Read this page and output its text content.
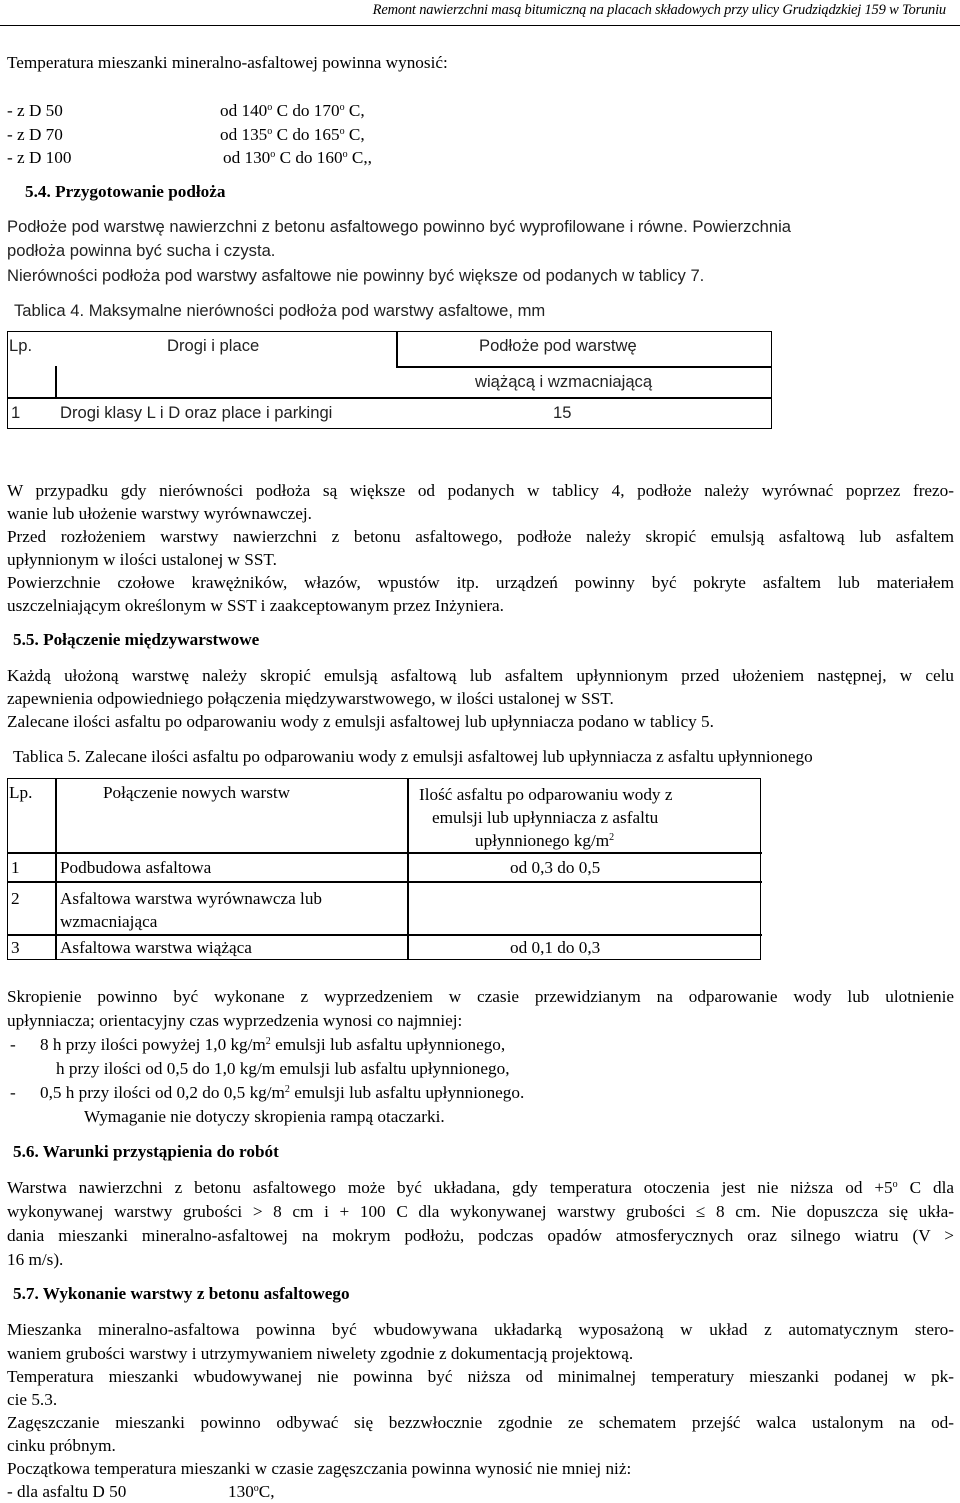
Remont nawierzchni masą bitumiczną na placach składowych przy ulicy Grudziądzkiej 159 w Toruniu
Temperatura mieszanki mineralno-asfaltowej powinna wynosić:
- z D 50	od 140$^o$ C do 170$^o$ C,
- z D 70	od 135$^o$ C do 165$^o$ C,
- z D 100	od 130$^o$ C do 160$^o$ C,,
5.4. Przygotowanie podłoża
Podłoże pod warstwę nawierzchni z betonu asfaltowego powinno być wyprofilowane i równe. Powierzchnia
podłoża powinna być sucha i czysta.
Nierówności podłoża pod warstwy asfaltowe nie powinny być większe od podanych w tablicy 7.
Tablica 4. Maksymalne nierówności podłoża pod warstwy asfaltowe, mm
Lp.	Drogi i place	Podłoże pod warstwę
wiążącą i wzmacniającą
1 Drogi klasy L i D oraz place i parkingi	15
W przypadku gdy nierówności podłoża są większe od podanych w tablicy 4, podłoże należy wyrównać poprzez frezo-
wanie lub ułożenie warstwy wyrównawczej.
Przed rozłożeniem warstwy nawierzchni z betonu asfaltowego, podłoże należy skropić emulsją asfaltową lub asfaltem
upłynnionym w ilości ustalonej w SST.
Powierzchnie czołowe krawężników, włazów, wpustów itp. urządzeń powinny być pokryte asfaltem lub materiałem
uszczelniającym określonym w SST i zaakceptowanym przez Inżyniera.
5.5. Połączenie międzywarstwowe
Każdą ułożoną warstwę należy skropić emulsją asfaltową lub asfaltem upłynnionym przed ułożeniem następnej, w celu
zapewnienia odpowiedniego połączenia międzywarstwowego, w ilości ustalonej w SST.
Zalecane ilości asfaltu po odparowaniu wody z emulsji asfaltowej lub upłynniacza podano w tablicy 5.
Tablica 5. Zalecane ilości asfaltu po odparowaniu wody z emulsji asfaltowej lub upłynniacza z asfaltu upłynnionego
Lp.	Połączenie nowych warstw	Ilość asfaltu po odparowaniu wody z
emulsji lub upłynniacza z asfaltu
upłynnionego $kg/m^2$
1 Podbudowa asfaltowa	od 0,3 do 0,5
2 Asfaltowa warstwa wyrównawcza lub
wzmacniająca
3 Asfaltowa warstwa wiążąca	od 0,1 do 0,3
Skropienie powinno być wykonane z wyprzedzeniem w czasie przewidzianym na odparowanie wody lub ulotnienie
upłynniacza; orientacyjny czas wyprzedzenia wynosi co najmniej:
- 8 h przy ilości powyżej 1,0 $kg/m^2$ emulsji lub asfaltu upłynnionego,
h przy ilości od 0,5 do 1,0 kg/m emulsji lub asfaltu upłynnionego,
- 0,5 h przy ilości od 0,2 do 0,5 $kg/m^2$ emulsji lub asfaltu upłynnionego.
Wymaganie nie dotyczy skropienia rampą otaczarki.
5.6. Warunki przystąpienia do robót
Warstwa nawierzchni z betonu asfaltowego może być układana, gdy temperatura otoczenia jest nie niższa od $+5^o$ C dla
wykonywanej warstwy grubości > 8 cm i + 100 C dla wykonywanej warstwy grubości ≤ 8 cm. Nie dopuszcza się ukła-
dania mieszanki mineralno-asfaltowej na mokrym podłożu, podczas opadów atmosferycznych oraz silnego wiatru (V >
16 m/s).
5.7. Wykonanie warstwy z betonu asfaltowego
Mieszanka mineralno-asfaltowa powinna być wbudowywana układarką wyposażoną w układ z automatycznym stero-
waniem grubości warstwy i utrzymywaniem niwelety zgodnie z dokumentacją projektową.
Temperatura mieszanki wbudowywanej nie powinna być niższa od minimalnej temperatury mieszanki podanej w pk-
cie 5.3.
Zagęszczanie mieszanki powinno odbywać się bezzwłocznie zgodnie ze schematem przejść walca ustalonym na od-
cinku próbnym.
Początkowa temperatura mieszanki w czasie zagęszczania powinna wynosić nie mniej niż:
- dla asfaltu D 50	130$^o$C,
